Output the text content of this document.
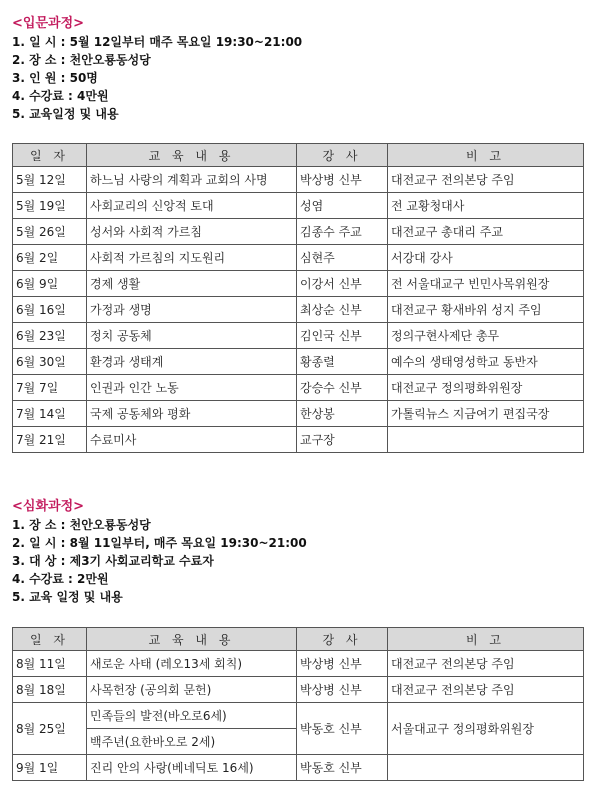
<입문과정>
1. 일 시 : 5월 12일부터 매주 목요일 19:30~21:00
2. 장 소 : 천안오룡동성당
3. 인 원 : 50명
4. 수강료 : 4만원
5. 교육일정 및 내용
일 자	교 육 내 용	강 사	비 고
5월 12일	하느님 사랑의 계획과 교회의 사명	박상병 신부	대전교구 전의본당 주임
5월 19일	사회교리의 신앙적 토대	성염	전 교황청대사
5월 26일	성서와 사회적 가르침	김종수 주교	대전교구 총대리 주교
6월 2일	사회적 가르침의 지도원리	심현주	서강대 강사
6월 9일	경제 생활	이강서 신부	전 서울대교구 빈민사목위원장
6월 16일	가정과 생명	최상순 신부	대전교구 황새바위 성지 주임
6월 23일	정치 공동체	김인국 신부	정의구현사제단 총무
6월 30일	환경과 생태계	황종렬	예수의 생태영성학교 동반자
7월 7일	인권과 인간 노동	강승수 신부	대전교구 정의평화위원장
7월 14일	국제 공동체와 평화	한상봉	가톨릭뉴스 지금여기 편집국장
7월 21일	수료미사	교구장	
<심화과정>
1. 장 소 : 천안오룡동성당
2. 일 시 : 8월 11일부터, 매주 목요일 19:30~21:00
3. 대 상 : 제3기 사회교리학교 수료자
4. 수강료 : 2만원
5. 교육 일정 및 내용
일 자	교 육 내 용	강 사	비 고
8월 11일	새로운 사태 (레오13세 회칙)	박상병 신부	대전교구 전의본당 주임
8월 18일	사목헌장 (공의회 문헌)	박상병 신부	대전교구 전의본당 주임
8월 25일	민족들의 발전(바오로6세)	박동호 신부	서울대교구 정의평화위원장
	백주년(요한바오로 2세)		
9월 1일	진리 안의 사랑(베네딕토 16세)	박동호 신부	
